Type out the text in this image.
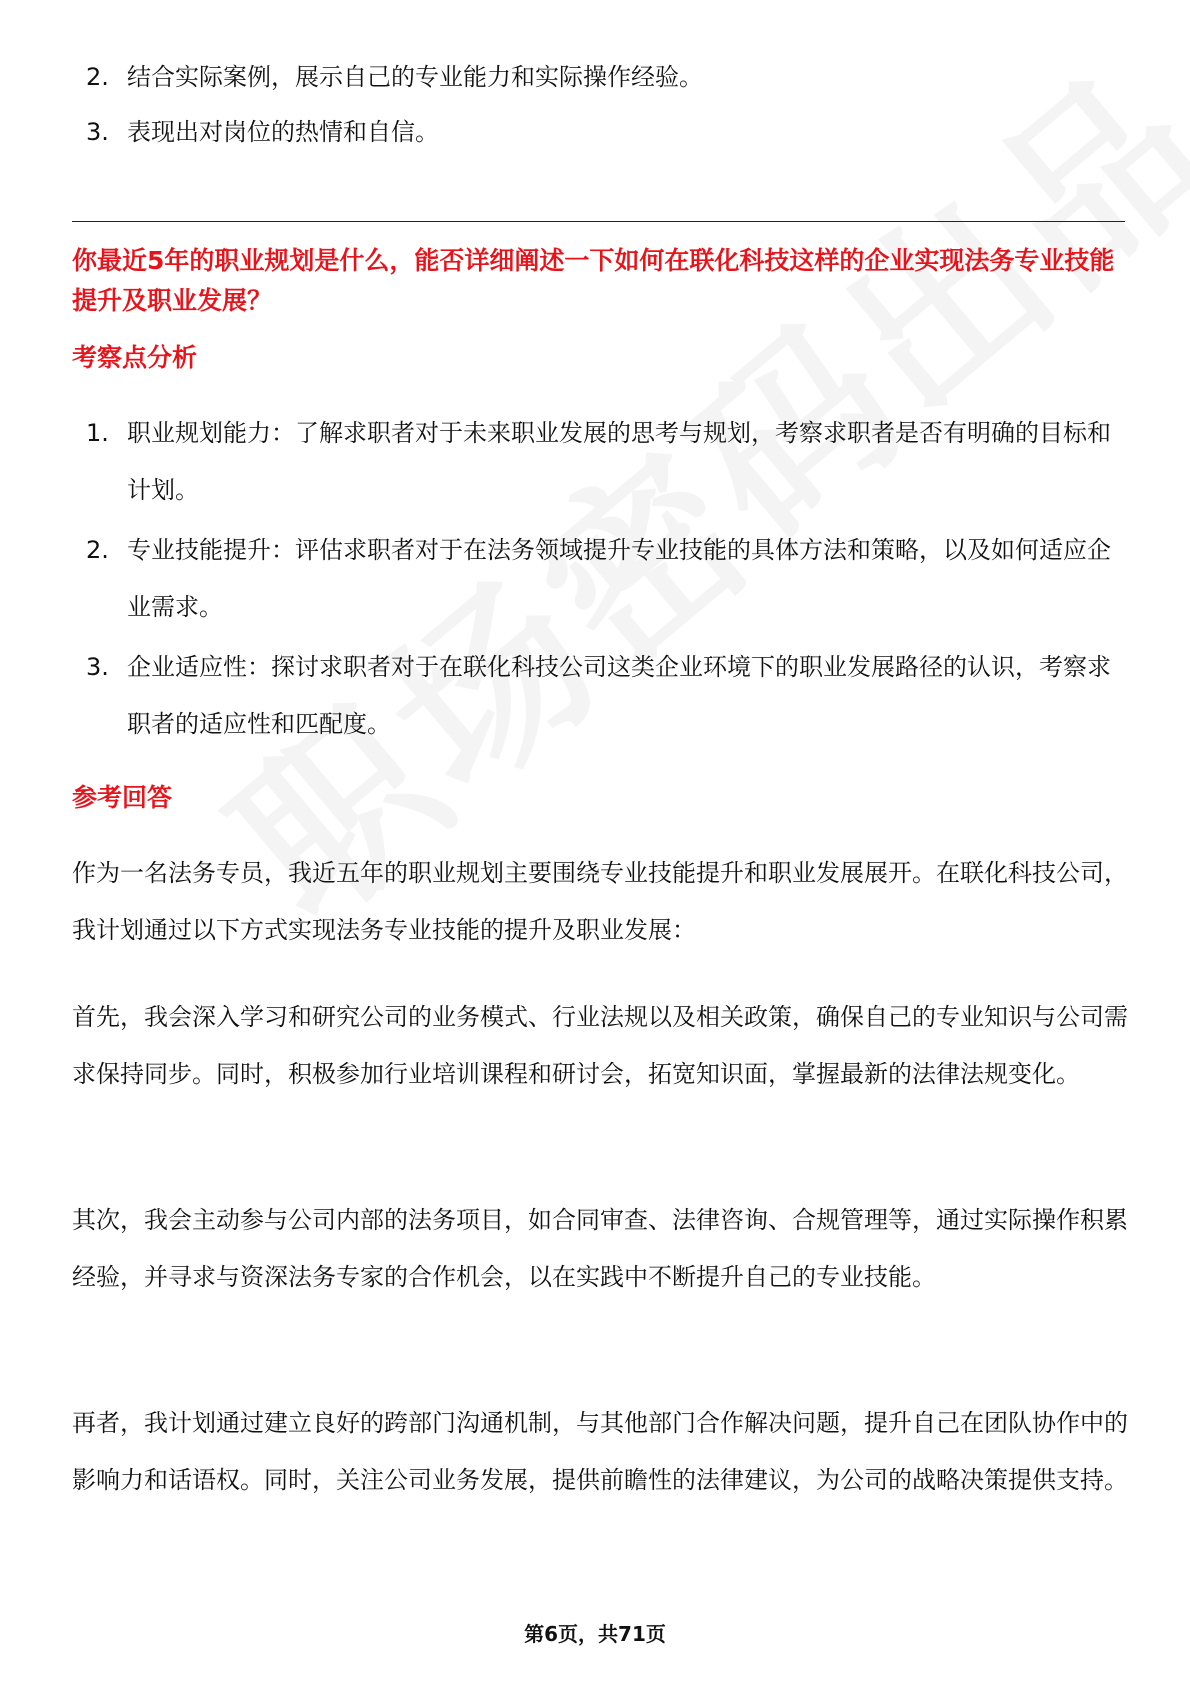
2. 结合实际案例，展示自己的专业能力和实际操作经验。
3. 表现出对岗位的热情和自信。
你最近5年的职业规划是什么，能否详细阐述一下如何在联化科技这样的企业实现法务专业技能提升及职业发展？
考察点分析
1. 职业规划能力：了解求职者对于未来职业发展的思考与规划，考察求职者是否有明确的目标和计划。
2. 专业技能提升：评估求职者对于在法务领域提升专业技能的具体方法和策略，以及如何适应企业需求。
3. 企业适应性：探讨求职者对于在联化科技公司这类企业环境下的职业发展路径的认识，考察求职者的适应性和匹配度。
参考回答
作为一名法务专员，我近五年的职业规划主要围绕专业技能提升和职业发展展开。在联化科技公司，我计划通过以下方式实现法务专业技能的提升及职业发展：
首先，我会深入学习和研究公司的业务模式、行业法规以及相关政策，确保自己的专业知识与公司需求保持同步。同时，积极参加行业培训课程和研讨会，拓宽知识面，掌握最新的法律法规变化。
其次，我会主动参与公司内部的法务项目，如合同审查、法律咨询、合规管理等，通过实际操作积累经验，并寻求与资深法务专家的合作机会，以在实践中不断提升自己的专业技能。
再者，我计划通过建立良好的跨部门沟通机制，与其他部门合作解决问题，提升自己在团队协作中的影响力和话语权。同时，关注公司业务发展，提供前瞻性的法律建议，为公司的战略决策提供支持。
第6页，共71页
